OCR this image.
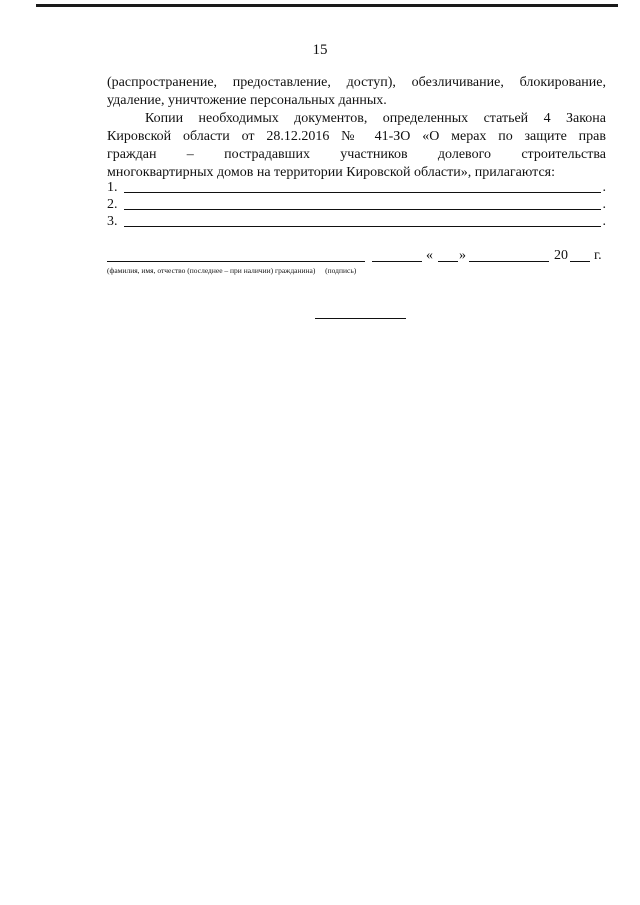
15
(распространение, предоставление, доступ), обезличивание, блокирование,
удаление, уничтожение персональных данных.
Копии необходимых документов, определенных статьей 4 Закона
Кировской области от 28.12.2016 № 41-ЗО «О мерах по защите прав
граждан – пострадавших участников долевого строительства
многоквартирных домов на территории Кировской области», прилагаются:
1.	.
2.	.
3.	.
« »	20 г.
(фамилия, имя, отчество (последнее – при наличии) гражданина) (подпись)
